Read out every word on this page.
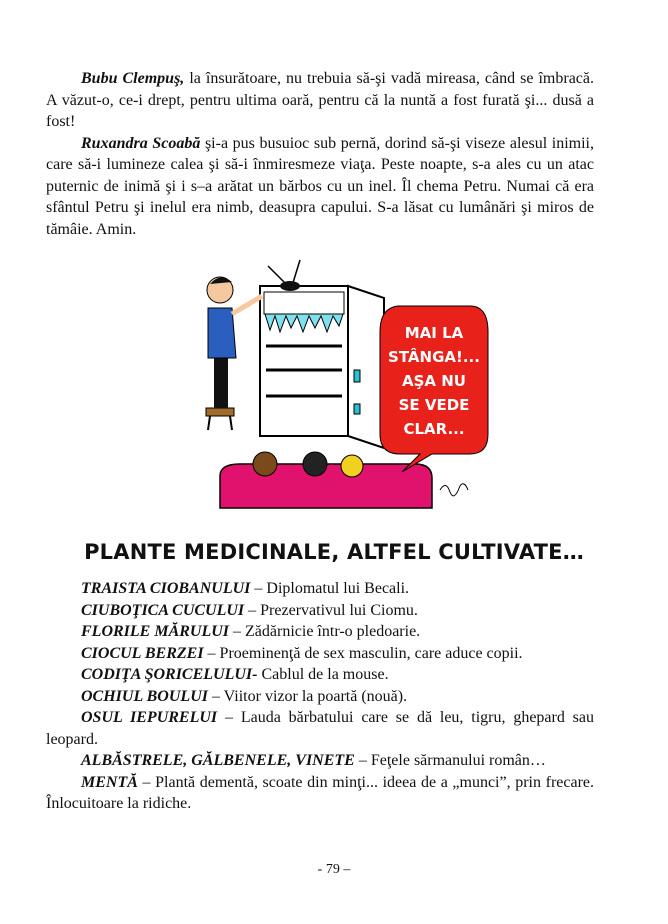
Bubu Clempuş, la însurătoare, nu trebuia să-şi vadă mireasa, când se îmbracă. A văzut-o, ce-i drept, pentru ultima oară, pentru că la nuntă a fost furată şi... dusă a fost!

Ruxandra Scoabă şi-a pus busuioc sub pernă, dorind să-şi viseze alesul inimii, care să-i lumineze calea şi să-i înmiresmeze viaţa. Peste noapte, s-a ales cu un atac puternic de inimă şi i s–a arătat un bărbos cu un inel. Îl chema Petru. Numai că era sfântul Petru şi inelul era nimb, deasupra capului. S-a lăsat cu lumânări şi miros de tămâie. Amin.

MAI LA
STÂNGA!...
AŞA NU
SE VEDE
CLAR...
PLANTE MEDICINALE, ALTFEL CULTIVATE…

TRAISTA CIOBANULUI – Diplomatul lui Becali.

CIUBOŢICA CUCULUI – Prezervativul lui Ciomu.

FLORILE MĂRULUI – Zădărnicie într-o pledoarie.

CIOCUL BERZEI – Proeminenţă de sex masculin, care aduce copii.

CODIŢA ŞORICELULUI- Cablul de la mouse.

OCHIUL BOULUI – Viitor vizor la poartă (nouă).

OSUL IEPURELUI – Lauda bărbatului care se dă leu, tigru, ghepard sau leopard.

ALBĂSTRELE, GĂLBENELE, VINETE – Feţele sărmanului român…

MENTĂ – Plantă dementă, scoate din minţi... ideea de a „munci”, prin frecare. Înlocuitoare la ridiche.

- 79 –
